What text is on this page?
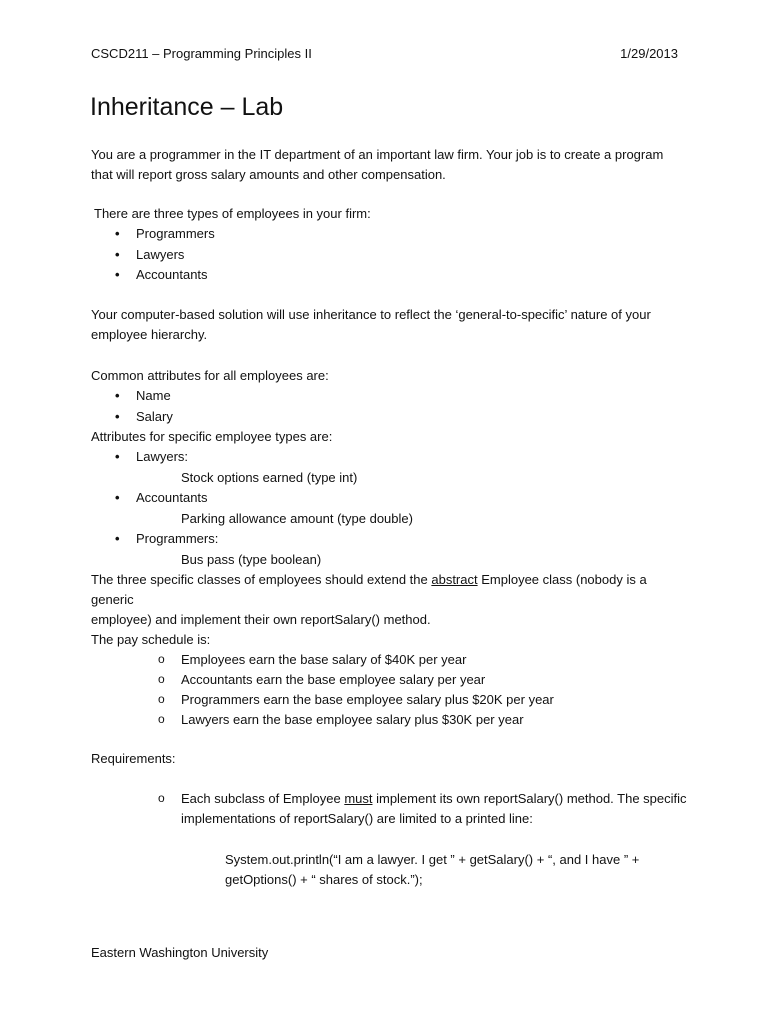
CSCD211 – Programming Principles II	1/29/2013
Inheritance – Lab

You are a programmer in the IT department of an important law firm. Your job is to create a program

that will report gross salary amounts and other compensation.

There are three types of employees in your firm:

• Programmers
• Lawyers
• Accountants

Your computer-based solution will use inheritance to reflect the ‘general-to-specific’ nature of your

employee hierarchy.

Common attributes for all employees are:

• Name
• Salary

Attributes for specific employee types are:

• Lawyers:
Stock options earned (type int)
• Accountants
Parking allowance amount (type double)
• Programmers:
Bus pass (type boolean)

The three specific classes of employees should extend the abstract Employee class (nobody is a generic

employee) and implement their own reportSalary() method.

The pay schedule is:

o Employees earn the base salary of $40K per year
o Accountants earn the base employee salary per year
o Programmers earn the base employee salary plus $20K per year
o Lawyers earn the base employee salary plus $30K per year
Requirements:
o Each subclass of Employee must implement its own reportSalary() method. The specific

implementations of reportSalary() are limited to a printed line:

System.out.println(“I am a lawyer. I get ” + getSalary() + “, and I have ” +
getOptions() + “ shares of stock.”);
Eastern Washington University
